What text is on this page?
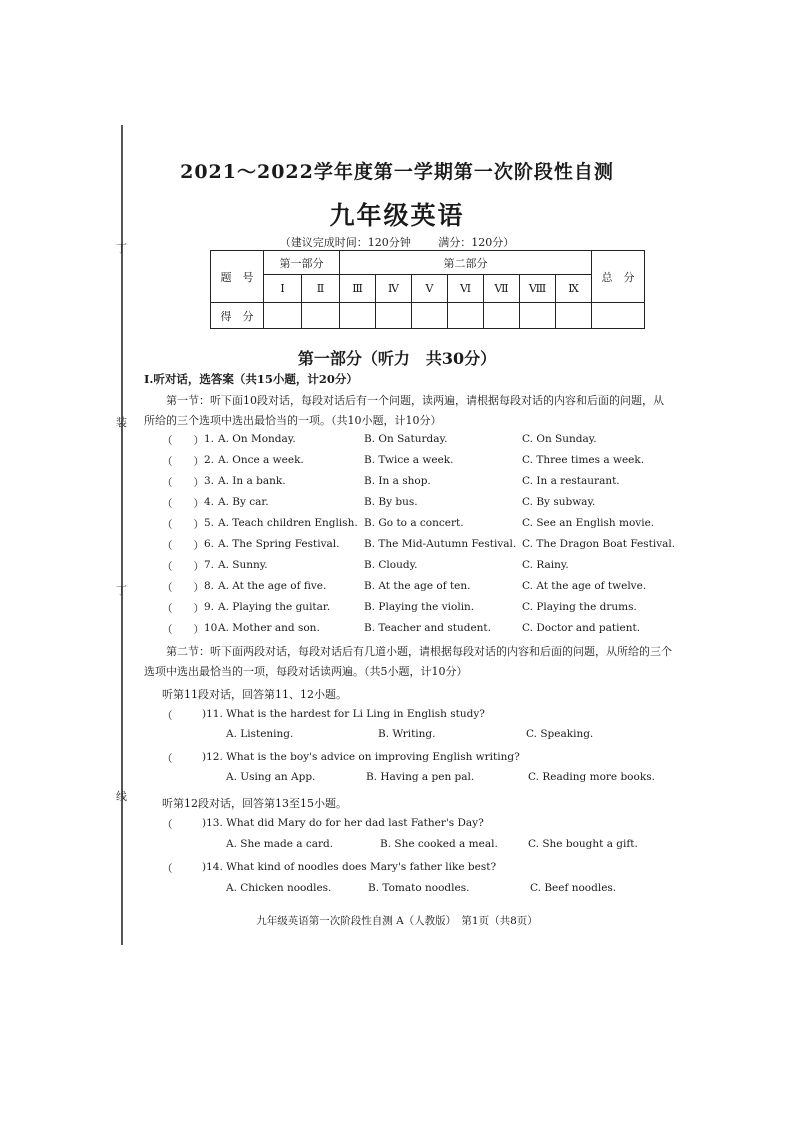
丁
装
丁
线
2021～2022学年度第一学期第一次阶段性自测
九年级英语
（建议完成时间：120分钟	满分：120分）
题　号	第一部分		第二部分							总　分
	Ⅰ	Ⅱ	Ⅲ	Ⅳ	Ⅴ	Ⅵ	Ⅶ	Ⅷ	Ⅸ	
得　分										
第一部分（听力　共30分）
Ⅰ.听对话，选答案（共15小题，计20分）
第一节：听下面10段对话，每段对话后有一个问题，读两遍，请根据每段对话的内容和后面的问题，从所给的三个选项中选出最恰当的一项。（共10小题，计10分）
（　　） 1. A. On Monday.	B. On Saturday.	C. On Sunday.
（　　） 2. A. Once a week.	B. Twice a week.	C. Three times a week.
（　　） 3. A. In a bank.	B. In a shop.	C. In a restaurant.
（　　） 4. A. By car.	B. By bus.	C. By subway.
（　　） 5. A. Teach children English. B. Go to a concert.	C. See an English movie.
（　　） 6. A. The Spring Festival. B. The Mid-Autumn Festival. C. The Dragon Boat Festival.
（　　） 7. A. Sunny.	B. Cloudy.	C. Rainy.
（　　） 8. A. At the age of five.	B. At the age of ten.	C. At the age of twelve.
（　　） 9. A. Playing the guitar.	B. Playing the violin.	C. Playing the drums.
（　　） 10.
A. Mother and son.	B. Teacher and student.	C. Doctor and patient.
第二节：听下面两段对话，每段对话后有几道小题，请根据每段对话的内容和后面的问题，从所给的三个选项中选出最恰当的一项，每段对话读两遍。（共5小题，计10分）
听第11段对话，回答第11、12小题。
（　　 )11. What is the hardest for Li Ling in English study?
A. Listening.	B. Writing.	C. Speaking.
（　　 )12. What is the boy's advice on improving English writing?
A. Using an App.	B. Having a pen pal.	C. Reading more books.
听第12段对话，回答第13至15小题。
（　　 )13. What did Mary do for her dad last Father's Day?
A. She made a card.	B. She cooked a meal.	C. She bought a gift.
（　　 )14. What kind of noodles does Mary's father like best?
A. Chicken noodles.	B. Tomato noodles.	C. Beef noodles.
九年级英语第一次阶段性自测 A（人教版）　第1页（共8页）
